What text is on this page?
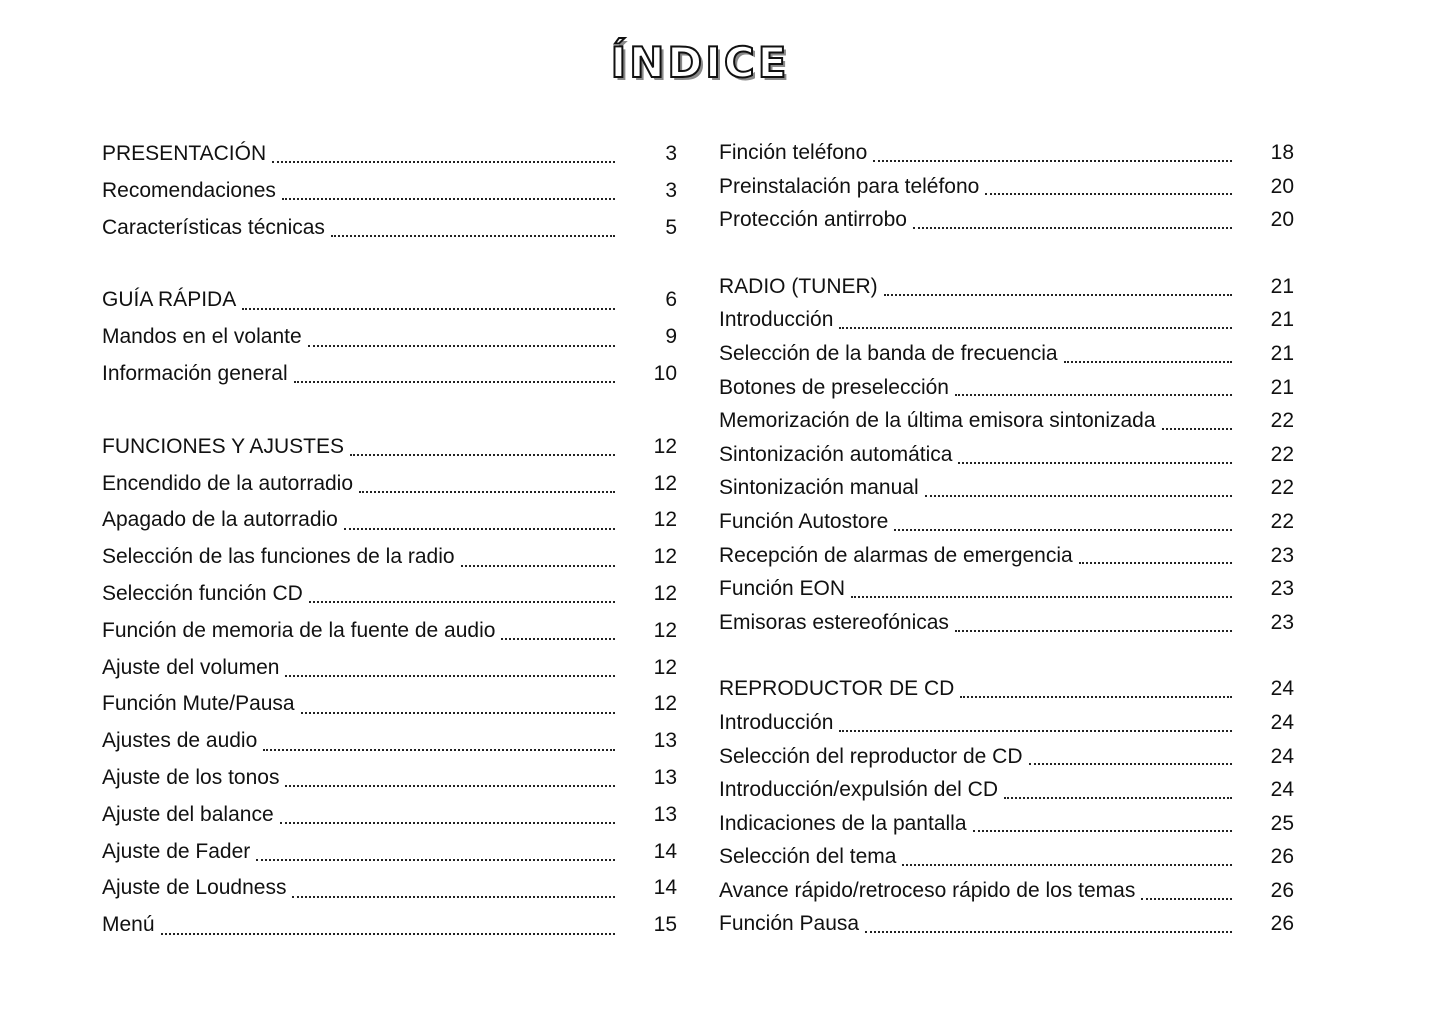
ÍNDICE
PRESENTACIÓN	3
Recomendaciones	3
Características técnicas	5
GUÍA RÁPIDA	6
Mandos en el volante	9
Información general	10
FUNCIONES Y AJUSTES	12
Encendido de la autorradio	12
Apagado de la autorradio	12
Selección de las funciones de la radio	12
Selección función CD	12
Función de memoria de la fuente de audio	12
Ajuste del volumen	12
Función Mute/Pausa	12
Ajustes de audio	13
Ajuste de los tonos	13
Ajuste del balance	13
Ajuste de Fader	14
Ajuste de Loudness	14
Menú	15
Finción teléfono	18
Preinstalación para teléfono	20
Protección antirrobo	20
RADIO (TUNER)	21
Introducción	21
Selección de la banda de frecuencia	21
Botones de preselección	21
Memorización de la última emisora sintonizada	22
Sintonización automática	22
Sintonización manual	22
Función Autostore	22
Recepción de alarmas de emergencia	23
Función EON	23
Emisoras estereofónicas	23
REPRODUCTOR DE CD	24
Introducción	24
Selección del reproductor de CD	24
Introducción/expulsión del CD	24
Indicaciones de la pantalla	25
Selección del tema	26
Avance rápido/retroceso rápido de los temas	26
Función Pausa	26
